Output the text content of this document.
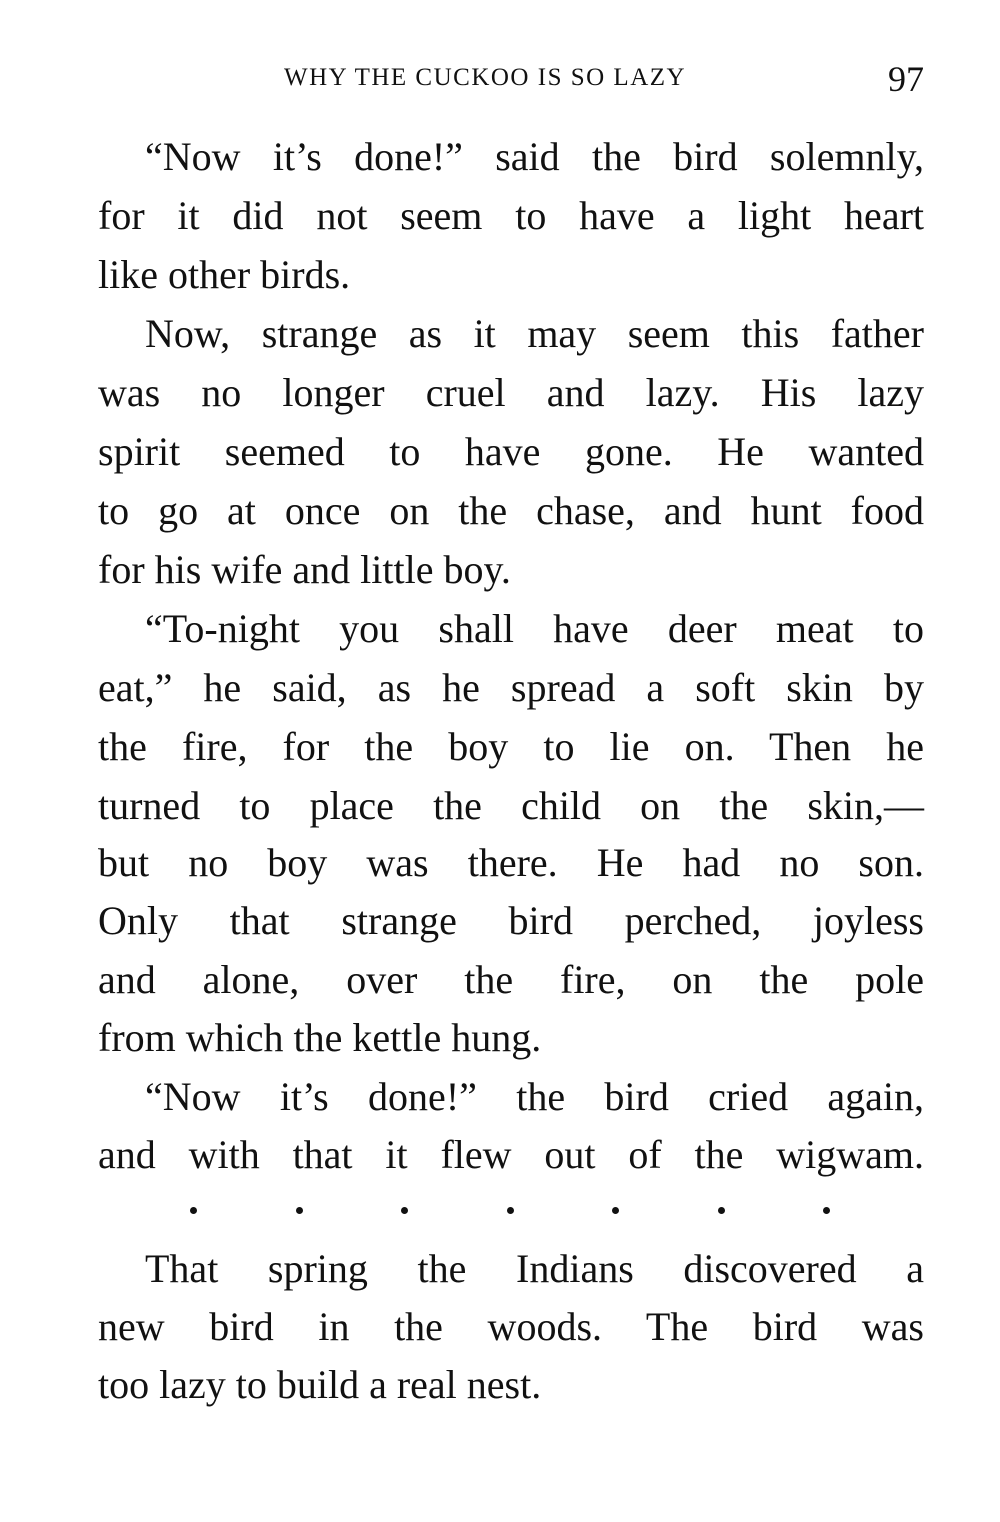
WHY THE CUCKOO IS SO LAZY	97
“Now it’s done!” said the bird solemnly,
for it did not seem to have a light heart
like other birds.
Now, strange as it may seem this father
was no longer cruel and lazy. His lazy
spirit seemed to have gone. He wanted
to go at once on the chase, and hunt food
for his wife and little boy.
“To-night you shall have deer meat to
eat,” he said, as he spread a soft skin by
the fire, for the boy to lie on. Then he
turned to place the child on the skin,—
but no boy was there. He had no son.
Only that strange bird perched, joyless
and alone, over the fire, on the pole
from which the kettle hung.
“Now it’s done!” the bird cried again,
and with that it flew out of the wigwam.
That spring the Indians discovered a
new bird in the woods. The bird was
too lazy to build a real nest.
